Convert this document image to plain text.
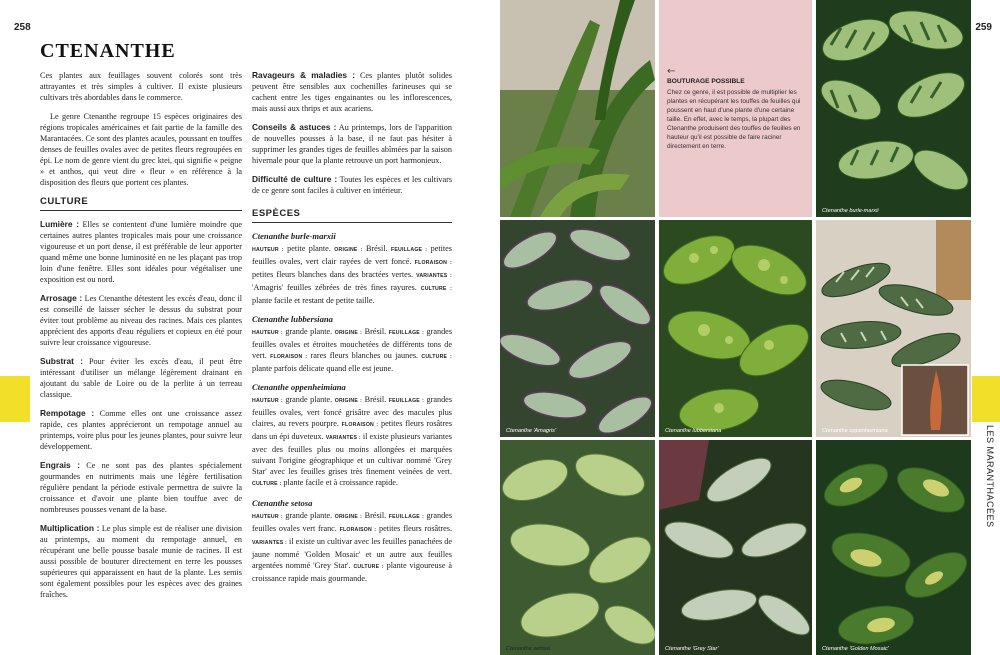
258
CTENANTHE

Ces plantes aux feuillages souvent colorés sont très attrayantes et très simples à cultiver. Il existe plusieurs cultivars très abordables dans le commerce.

Le genre Ctenanthe regroupe 15 espèces originaires des régions tropicales américaines et fait partie de la famille des Marantacées. Ce sont des plantes acaules, poussant en touffes denses de feuilles ovales avec de petites fleurs regroupées en épi. Le nom de genre vient du grec ktei, qui signifie « peigne » et anthos, qui veut dire « fleur » en référence à la disposition des fleurs que portent ces plantes.

CULTURE

Lumière : Elles se contentent d'une lumière moindre que certaines autres plantes tropicales mais pour une croissance vigoureuse et un port dense, il est préférable de leur apporter quand même une bonne luminosité en ne les plaçant pas trop loin d'une fenêtre. Elles sont idéales pour végétaliser une exposition est ou nord.

Arrosage : Les Ctenanthe détestent les excès d'eau, donc il est conseillé de laisser sécher le dessus du substrat pour éviter tout problème au niveau des racines. Mais ces plantes apprécient des apports d'eau réguliers et copieux en été pour suivre leur croissance vigoureuse.

Substrat : Pour éviter les excès d'eau, il peut être intéressant d'utiliser un mélange légèrement drainant en ajoutant du sable de Loire ou de la perlite à un terreau classique.

Rempotage : Comme elles ont une croissance assez rapide, ces plantes apprécieront un rempotage annuel au printemps, voire plus pour les jeunes plantes, pour suivre leur développement.

Engrais : Ce ne sont pas des plantes spécialement gourmandes en nutriments mais une légère fertilisation régulière pendant la période estivale permettra de suivre la croissance et d'avoir une plante bien touffue avec de nombreuses pousses venant de la base.

Multiplication : Le plus simple est de réaliser une division au printemps, au moment du rempotage annuel, en récupérant une belle pousse basale munie de racines. Il est aussi possible de bouturer directement en terre les pousses supérieures qui apparaissent en haut de la plante. Les semis sont également possibles pour les espèces avec des graines fraîches.

Ravageurs & maladies : Ces plantes plutôt solides peuvent être sensibles aux cochenilles farineuses qui se cachent entre les tiges engainantes ou les inflorescences, mais aussi aux thrips et aux acariens.

Conseils & astuces : Au printemps, lors de l'apparition de nouvelles pousses à la base, il ne faut pas hésiter à supprimer les grandes tiges de feuilles abîmées par la saison hivernale pour que la plante retrouve un port harmonieux.

Difficulté de culture : Toutes les espèces et les cultivars de ce genre sont faciles à cultiver en intérieur.

ESPÈCES
Ctenanthe burle-marxii

HAUTEUR : petite plante. ORIGINE : Brésil. FEUILLAGE : petites feuilles ovales, vert clair rayées de vert foncé. FLORAISON : petites fleurs blanches dans des bractées vertes. VARIANTES : 'Amagris' feuilles zébrées de très fines rayures. CULTURE : plante facile et restant de petite taille.

Ctenanthe lubbersiana

HAUTEUR : grande plante. ORIGINE : Brésil. FEUILLAGE : grandes feuilles ovales et étroites mouchetées de différents tons de vert. FLORAISON : rares fleurs blanches ou jaunes. CULTURE : plante parfois délicate quand elle est jeune.

Ctenanthe oppenheimiana

HAUTEUR : grande plante. ORIGINE : Brésil. FEUILLAGE : grandes feuilles ovales, vert foncé grisâtre avec des macules plus claires, au revers pourpre. FLORAISON : petites fleurs rosâtres dans un épi duveteux. VARIANTES : il existe plusieurs variantes avec des feuilles plus ou moins allongées et marquées suivant l'origine géographique et un cultivar nommé 'Grey Star' avec les feuilles grises très finement veinées de vert. CULTURE : plante facile et à croissance rapide.

Ctenanthe setosa

HAUTEUR : grande plante. ORIGINE : Brésil. FEUILLAGE : grandes feuilles ovales vert franc. FLORAISON : petites fleurs rosâtres. VARIANTES : il existe un cultivar avec les feuilles panachées de jaune nommé 'Golden Mosaic' et un autre aux feuilles argentées nommé 'Grey Star'. CULTURE : plante vigoureuse à croissance rapide mais gourmande.

259
←
BOUTURAGE POSSIBLE
Chez ce genre, il est possible de multiplier les plantes en récupérant les touffes de feuilles qui poussent en haut d'une plante d'une certaine taille. En effet, avec le temps, la plupart des Ctenanthe produisent des touffes de feuilles en hauteur qu'il est possible de faire raciner directement en terre.
Ctenanthe burle-marxii
Ctenanthe 'Amagris'	Ctenanthe lubbersiana	Ctenanthe oppenheimiana
Ctenanthe setosa	Ctenanthe 'Grey Star'	Ctenanthe 'Golden Mosaic'
LES MARANTHACÉES
